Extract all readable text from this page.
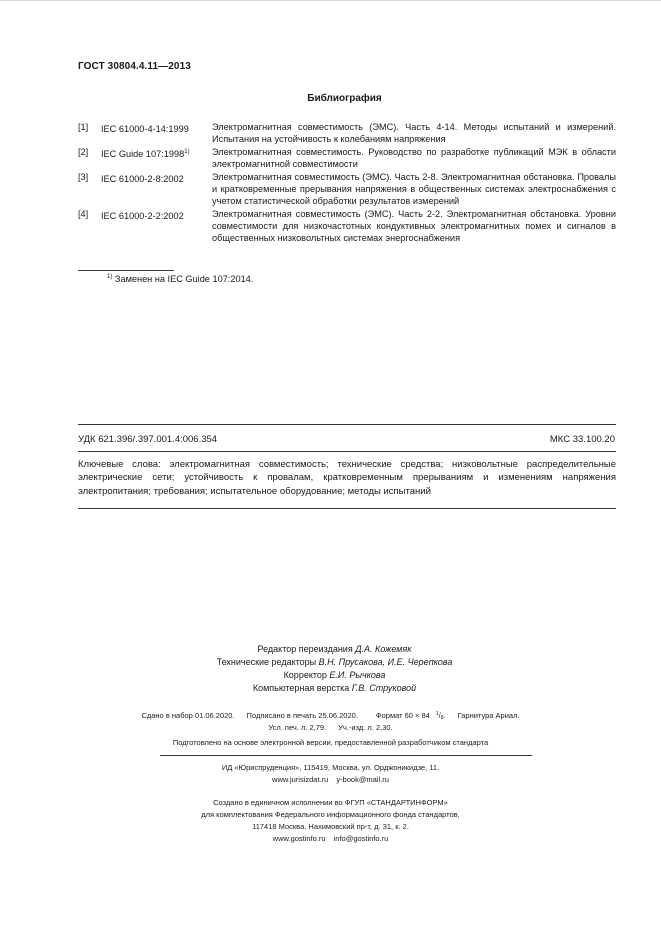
ГОСТ 30804.4.11—2013
Библиография
[1] IEC 61000-4-14:1999	Электромагнитная совместимость (ЭМС). Часть 4-14. Методы испытаний и измерений. Испытания на устойчивость к колебаниям напряжения
[2] IEC Guide 107:1998$^{1)}$ Электромагнитная совместимость. Руководство по разработке публикаций МЭК в области электромагнитной совместимости
[3] IEC 61000-2-8:2002	Электромагнитная совместимость (ЭМС). Часть 2-8. Электромагнитная обстановка. Провалы и кратковременные прерывания напряжения в общественных системах электроснабжения с учетом статистической обработки результатов измерений
[4] IEC 61000-2-2:2002	Электромагнитная совместимость (ЭМС). Часть 2-2. Электромагнитная обстановка. Уровни совместимости для низкочастотных кондуктивных электромагнитных помех и сигналов в общественных низковольтных системах энергоснабжения
$^{1)}$ Заменен на IEC Guide 107:2014.
УДК 621.396/.397.001.4:006.354	МКС 33.100.20
Ключевые слова: электромагнитная совместимость; технические средства; низковольтные распределительные электрические сети; устойчивость к провалам, кратковременным прерываниям и изменениям напряжения электропитания; требования; испытательное оборудование; методы испытаний
Редактор переиздания Д.А. Кожемяк
Технические редакторы В.Н. Прусакова, И.Е. Черепкова
Корректор Е.И. Рычкова
Компьютерная верстка Г.В. Струковой
Сдано в набор 01.06.2020. Подписано в печать 25.06.2020. Формат 60 × 84 $^1/_8$. Гарнитура Ариал.
Усл. печ. л. 2,79. Уч.-изд. л. 2,30.
Подготовлено на основе электронной версии, предоставленной разработчиком стандарта
ИД «Юриспруденция», 115419, Москва, ул. Орджоникидзе, 11.
www.jurisizdat.ru y-book@mail.ru
Создано в единичном исполнении во ФГУП «СТАНДАРТИНФОРМ»
для комплектования Федерального информационного фонда стандартов,
117418 Москва, Нахимовский пр-т, д. 31, к. 2.
www.gostinfo.ru info@gostinfo.ru
